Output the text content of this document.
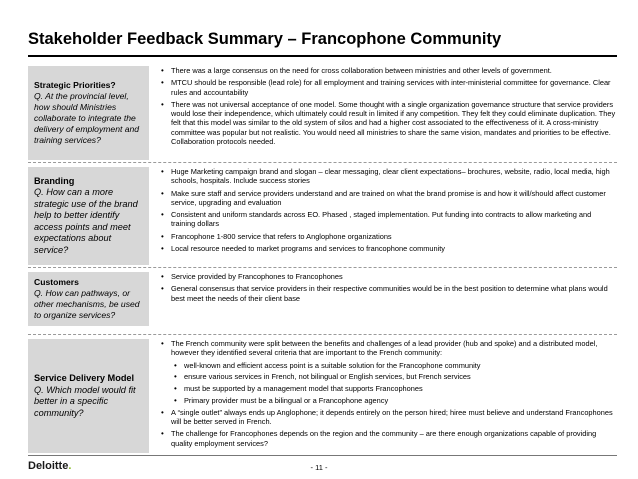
Stakeholder Feedback Summary – Francophone Community
Strategic Priorities?
Q. At the provincial level, how should Ministries collaborate to integrate the delivery of employment and training services?
• There was a large consensus on the need for cross collaboration between ministries and other levels of government.
• MTCU should be responsible (lead role) for all employment and training services with inter-ministerial committee for governance. Clear rules and accountability
• There was not universal acceptance of one model. Some thought with a single organization governance structure that service providers would lose their independence, which ultimately could result in limited if any competition. They felt they could eliminate duplication. They felt that this model was similar to the old system of silos and had a higher cost associated to the effectiveness of it. A cross-ministry committee was popular but not realistic. You would need all ministries to share the same vision, mandates and priorities to be effective. Collaboration protocols needed.
Branding
Q. How can a more strategic use of the brand help to better identify access points and meet expectations about service?
• Huge Marketing campaign brand and slogan – clear messaging, clear client expectations– brochures, website, radio, local media, high schools, hospitals. Include success stories
• Make sure staff and service providers understand and are trained on what the brand promise is and how it will/should affect customer service, upgrading and evaluation
• Consistent and uniform standards across EO. Phased , staged implementation. Put funding into contracts to allow marketing and training dollars
• Francophone 1-800 service that refers to Anglophone organizations
• Local resource needed to market programs and services to francophone community
Customers
Q. How can pathways, or other mechanisms, be used to organize services?
• Service provided by Francophones to Francophones
• General consensus that service providers in their respective communities would be in the best position to determine what plans would best meet the needs of their client base
Service Delivery Model
Q. Which model would fit better in a specific community?
• The French community were split between the benefits and challenges of a lead provider (hub and spoke) and a distributed model, however they identified several criteria that are important to the French community:
• well-known and efficient access point is a suitable solution for the Francophone community
• ensure various services in French, not bilingual or English services, but French services
• must be supported by a management model that supports Francophones
• Primary provider must be a bilingual or a Francophone agency
• A “single outlet” always ends up Anglophone; it depends entirely on the person hired; hiree must believe and understand Francophones will be better served in French.
• The challenge for Francophones depends on the region and the community – are there enough organizations capable of providing quality employment services?
Deloitte.	- 11 -
